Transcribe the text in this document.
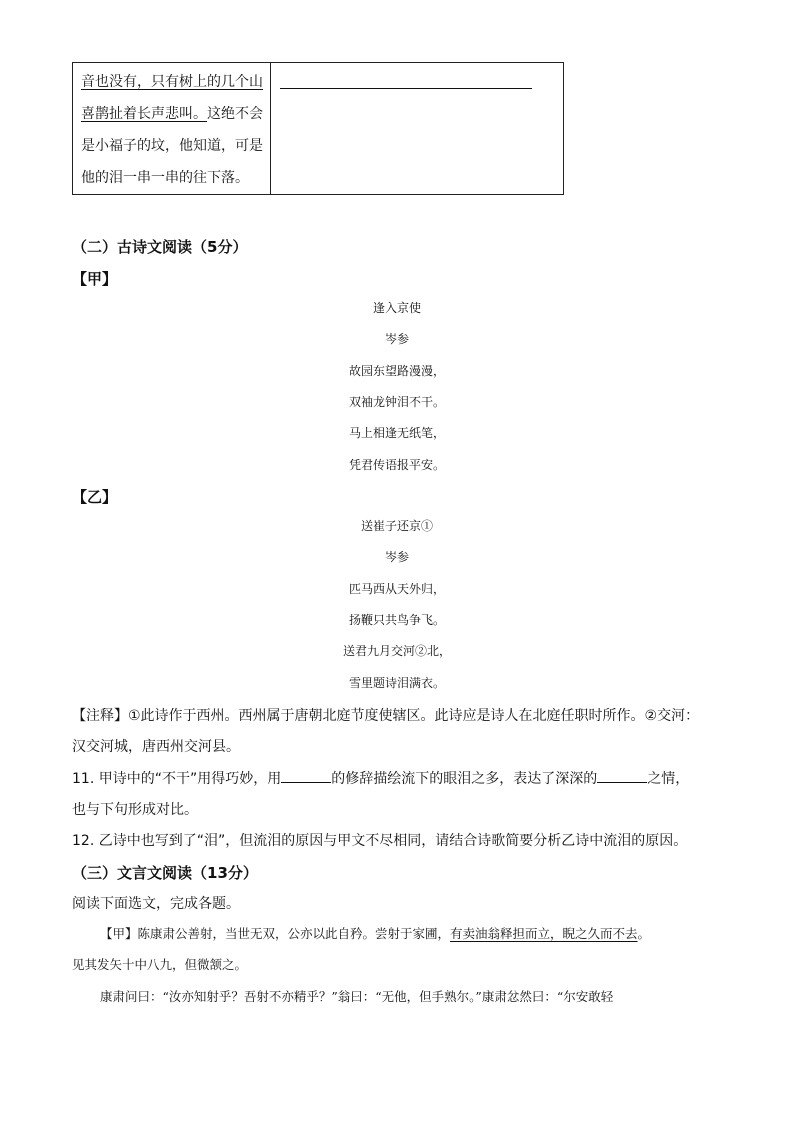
音也没有，只有树上的几个山
喜鹊扯着长声悲叫。这绝不会
是小福子的坟，他知道，可是
他的泪一串一串的往下落。
（二）古诗文阅读（5分）
【甲】
逢入京使
岑参
故园东望路漫漫，
双袖龙钟泪不干。
马上相逢无纸笔，
凭君传语报平安。
【乙】
送崔子还京①
岑参
匹马西从天外归，
扬鞭只共鸟争飞。
送君九月交河②北，
雪里题诗泪满衣。
【注释】①此诗作于西州。西州属于唐朝北庭节度使辖区。此诗应是诗人在北庭任职时所作。②交河：
汉交河城，唐西州交河县。
11. 甲诗中的“不干”用得巧妙，用	的修辞描绘流下的眼泪之多，表达了深深的	之情，
也与下句形成对比。
12. 乙诗中也写到了“泪”，但流泪的原因与甲文不尽相同，请结合诗歌简要分析乙诗中流泪的原因。
（三）文言文阅读（13分）
阅读下面选文，完成各题。
【甲】陈康肃公善射，当世无双，公亦以此自矜。尝射于家圃，有卖油翁释担而立，睨之久而不去。
见其发矢十中八九，但微颔之。
康肃问曰：“汝亦知射乎？吾射不亦精乎？”翁曰：“无他，但手熟尔。”康肃忿然曰：“尔安敢轻
